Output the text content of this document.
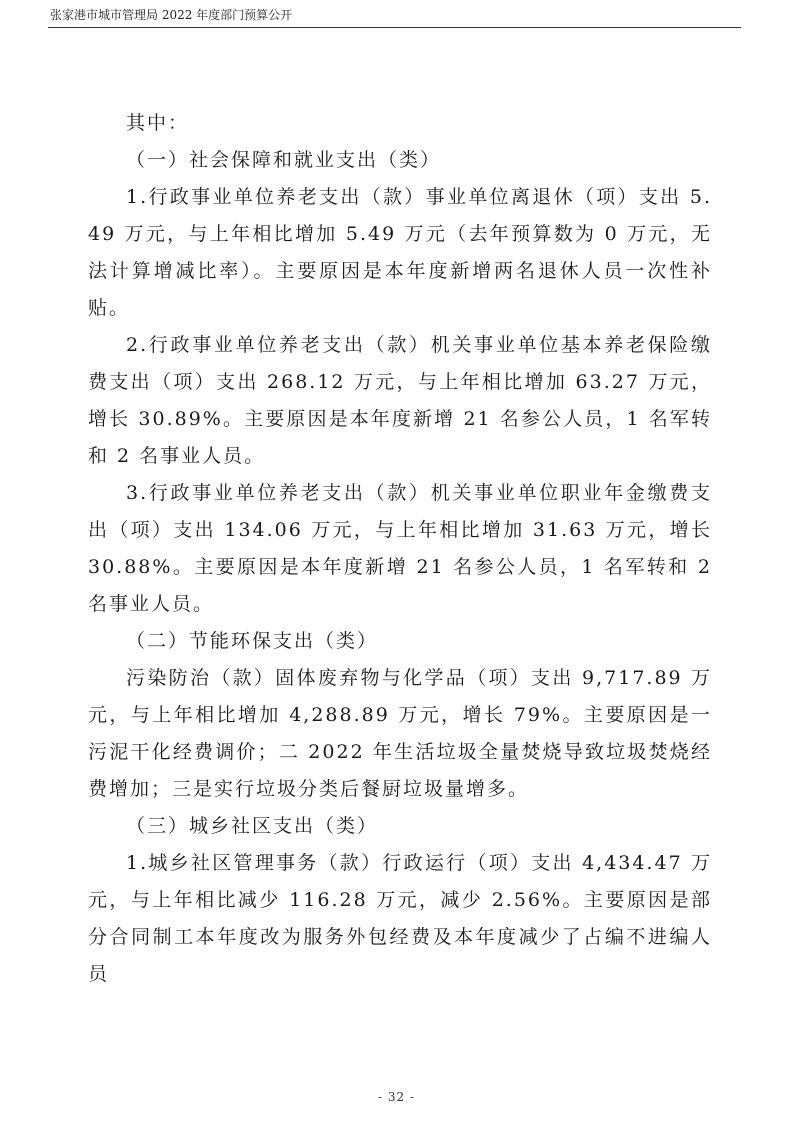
张家港市城市管理局 2022 年度部门预算公开

其中：

（一）社会保障和就业支出（类）

1.行政事业单位养老支出（款）事业单位离退休（项）支出 5.49 万元，与上年相比增加 5.49 万元（去年预算数为 0 万元，无法计算增减比率）。主要原因是本年度新增两名退休人员一次性补贴。

2.行政事业单位养老支出（款）机关事业单位基本养老保险缴费支出（项）支出 268.12 万元，与上年相比增加 63.27 万元，增长 30.89%。主要原因是本年度新增 21 名参公人员，1 名军转和 2 名事业人员。

3.行政事业单位养老支出（款）机关事业单位职业年金缴费支出（项）支出 134.06 万元，与上年相比增加 31.63 万元，增长 30.88%。主要原因是本年度新增 21 名参公人员，1 名军转和 2 名事业人员。

（二）节能环保支出（类）

污染防治（款）固体废弃物与化学品（项）支出 9,717.89 万元，与上年相比增加 4,288.89 万元，增长 79%。主要原因是一污泥干化经费调价；二 2022 年生活垃圾全量焚烧导致垃圾焚烧经费增加；三是实行垃圾分类后餐厨垃圾量增多。

（三）城乡社区支出（类）

1.城乡社区管理事务（款）行政运行（项）支出 4,434.47 万元，与上年相比减少 116.28 万元，减少 2.56%。主要原因是部分合同制工本年度改为服务外包经费及本年度减少了占编不进编人员

- 32 -
